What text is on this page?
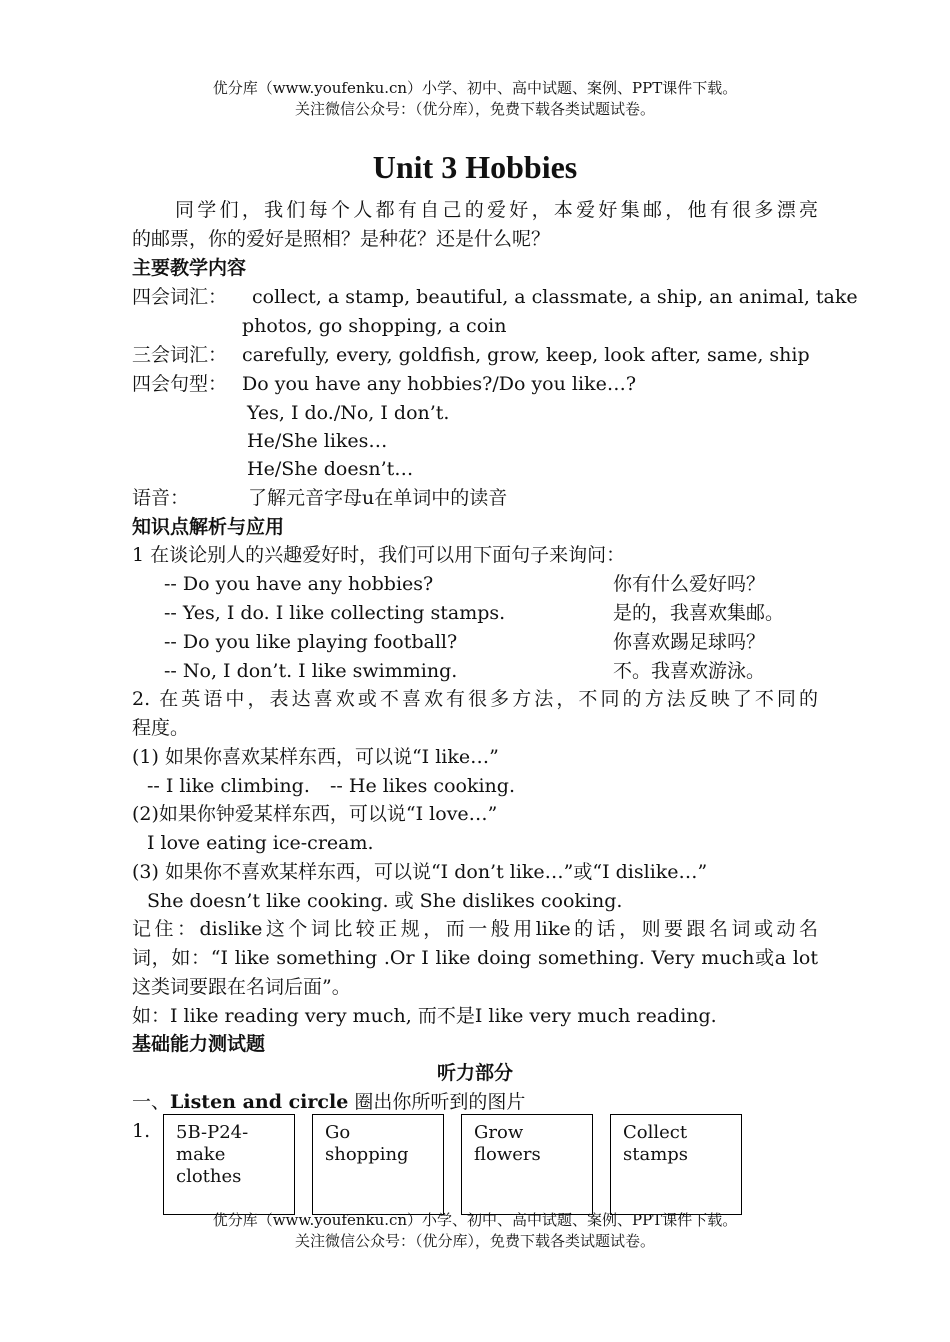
优分库（www.youfenku.cn）小学、初中、高中试题、案例、PPT课件下载。
关注微信公众号：（优分库），免费下载各类试题试卷。
Unit 3 Hobbies
同学们，我们每个人都有自己的爱好，本爱好集邮，他有很多漂亮
的邮票，你的爱好是照相？是种花？还是什么呢？
主要教学内容
四会词汇： collect, a stamp, beautiful, a classmate, a ship, an animal, take
photos, go shopping, a coin
三会词汇： carefully, every, goldfish, grow, keep, look after, same, ship
四会句型： Do you have any hobbies?/Do you like…?
Yes, I do./No, I don’t.
He/She likes…
He/She doesn’t…
语音：	了解元音字母u在单词中的读音
知识点解析与应用
1 在谈论别人的兴趣爱好时，我们可以用下面句子来询问：
-- Do you have any hobbies?	你有什么爱好吗？
-- Yes, I do. I like collecting stamps.	是的，我喜欢集邮。
-- Do you like playing football?	你喜欢踢足球吗？
-- No, I don’t. I like swimming.	不。我喜欢游泳。
2. 在英语中，表达喜欢或不喜欢有很多方法，不同的方法反映了不同的
程度。
(1) 如果你喜欢某样东西，可以说“I like…”
-- I like climbing. -- He likes cooking.
(2)如果你钟爱某样东西，可以说“I love…”
I love eating ice-cream.
(3) 如果你不喜欢某样东西，可以说“I don’t like…”或“I dislike…”
She doesn’t like cooking. 或 She dislikes cooking.
记住：dislike这个词比较正规，而一般用like的话，则要跟名词或动名
词，如：“I like something .Or I like doing something. Very much或a lot
这类词要跟在名词后面”。
如：I like reading very much, 而不是I like very much reading.
基础能力测试题
听力部分
一、Listen and circle 圈出你所听到的图片
1.	5B-P24-make clothes
Go shopping
Grow flowers
Collect stamps
优分库（www.youfenku.cn）小学、初中、高中试题、案例、PPT课件下载。
关注微信公众号：（优分库），免费下载各类试题试卷。
